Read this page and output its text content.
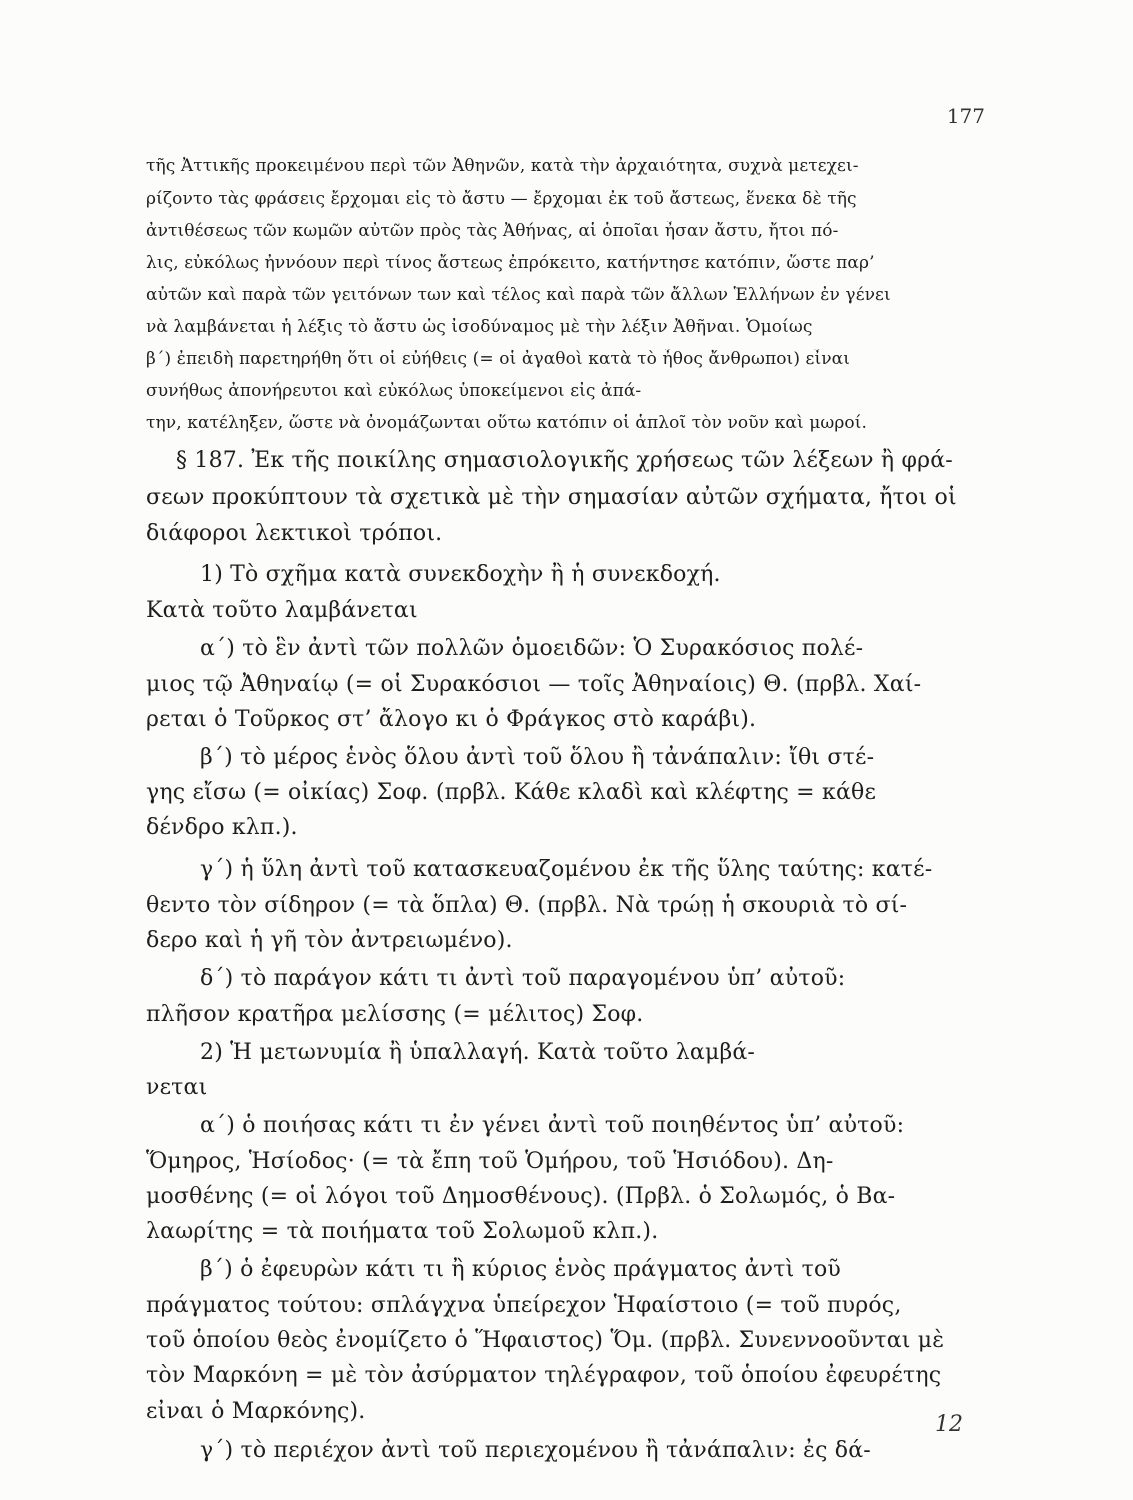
177
τῆς Ἀττικῆς προκειμένου περὶ τῶν Ἀθηνῶν, κατὰ τὴν ἀρχαιότητα, συχνὰ μετεχει-
ρίζοντο τὰς φράσεις ἔρχομαι εἰς τὸ ἄστυ — ἔρχομαι ἐκ τοῦ ἄστεως, ἕνεκα δὲ τῆς
ἀντιθέσεως τῶν κωμῶν αὐτῶν πρὸς τὰς Ἀθήνας, αἱ ὁποῖαι ἦσαν ἄστυ, ἤτοι πό-
λις, εὐκόλως ἠννόουν περὶ τίνος ἄστεως ἐπρόκειτο, κατήντησε κατόπιν, ὥστε παρ’
αὐτῶν καὶ παρὰ τῶν γειτόνων των καὶ τέλος καὶ παρὰ τῶν ἄλλων Ἑλλήνων ἐν γένει
νὰ λαμβάνεται ἡ λέξις τὸ ἄστυ ὡς ἰσοδύναμος μὲ τὴν λέξιν Ἀθῆναι. Ὁμοίως
β΄) ἐπειδὴ παρετηρήθη ὅτι οἱ εὐήθεις (= οἱ ἀγαθοὶ κατὰ τὸ ἦθος ἄνθρωποι) εἶναι
συνήθως ἀπονήρευτοι καὶ εὐκόλως ὑποκείμενοι εἰς ἀπά-
την, κατέληξεν, ὥστε νὰ ὀνομάζωνται οὕτω κατόπιν οἱ ἁπλοῖ τὸν νοῦν καὶ μωροί.
§ 187. Ἐκ τῆς ποικίλης σημασιολογικῆς χρήσεως τῶν λέξεων ἢ φρά-
σεων προκύπτουν τὰ σχετικὰ μὲ τὴν σημασίαν αὐτῶν σχήματα, ἤτοι οἱ
διάφοροι λεκτικοὶ τρόποι.
1) Τὸ σχῆμα κατὰ συνεκδοχὴν ἢ ἡ συνεκδοχή.
Κατὰ τοῦτο λαμβάνεται
α΄) τὸ ἓν ἀντὶ τῶν πολλῶν ὁμοειδῶν: Ὁ Συρακόσιος πολέ-
μιος τῷ Ἀθηναίῳ (= οἱ Συρακόσιοι — τοῖς Ἀθηναίοις) Θ. (πρβλ. Χαί-
ρεται ὁ Τοῦρκος στ’ ἄλογο κι ὁ Φράγκος στὸ καράβι).
β΄) τὸ μέρος ἑνὸς ὅλου ἀντὶ τοῦ ὅλου ἢ τἀνάπαλιν: ἴθι στέ-
γης εἴσω (= οἰκίας) Σοφ. (πρβλ. Κάθε κλαδὶ καὶ κλέφτης = κάθε
δένδρο κλπ.).
γ΄) ἡ ὕλη ἀντὶ τοῦ κατασκευαζομένου ἐκ τῆς ὕλης ταύτης: κατέ-
θεντο τὸν σίδηρον (= τὰ ὅπλα) Θ. (πρβλ. Νὰ τρώῃ ἡ σκουριὰ τὸ σί-
δερο καὶ ἡ γῆ τὸν ἀντρειωμένο).
δ΄) τὸ παράγον κάτι τι ἀντὶ τοῦ παραγομένου ὑπ’ αὐτοῦ:
πλῆσον κρατῆρα μελίσσης (= μέλιτος) Σοφ.
2) Ἡ μετωνυμία ἢ ὑπαλλαγή. Κατὰ τοῦτο λαμβά-
νεται
α΄) ὁ ποιήσας κάτι τι ἐν γένει ἀντὶ τοῦ ποιηθέντος ὑπ’ αὐτοῦ:
Ὅμηρος, Ἡσίοδος· (= τὰ ἔπη τοῦ Ὁμήρου, τοῦ Ἡσιόδου). Δη-
μοσθένης (= οἱ λόγοι τοῦ Δημοσθένους). (Πρβλ. ὁ Σολωμός, ὁ Βα-
λαωρίτης = τὰ ποιήματα τοῦ Σολωμοῦ κλπ.).
β΄) ὁ ἐφευρὼν κάτι τι ἢ κύριος ἑνὸς πράγματος ἀντὶ τοῦ
πράγματος τούτου: σπλάγχνα ὑπείρεχον Ἡφαίστοιο (= τοῦ πυρός,
τοῦ ὁποίου θεὸς ἐνομίζετο ὁ Ἥφαιστος) Ὅμ. (πρβλ. Συνεννοοῦνται μὲ
τὸν Μαρκόνη = μὲ τὸν ἀσύρματον τηλέγραφον, τοῦ ὁποίου ἐφευρέτης
εἶναι ὁ Μαρκόνης).
γ΄) τὸ περιέχον ἀντὶ τοῦ περιεχομένου ἢ τἀνάπαλιν: ἐς δά-
12
